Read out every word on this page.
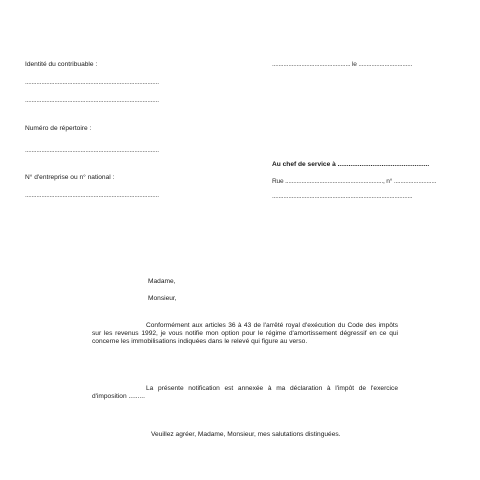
Identité du contribuable :
..................................................................................
..................................................................................
Numéro de répertoire :
..................................................................................
N° d'entreprise ou n° national :
..................................................................................
................................................ le .................................
Au chef de service à ..................................................
Rue ............................................................, n° ..........................
......................................................................................
Madame,
Monsieur,
Conformément aux articles 36 à 43 de l'arrêté royal d'exécution du Code des impôts sur les revenus 1992, je vous notifie mon option pour le régime d'amortissement dégressif en ce qui concerne les immobilisations indiquées dans le relevé qui figure au verso.
La présente notification est annexée à ma déclaration à l'impôt de l'exercice d'imposition .........
Veuillez agréer, Madame, Monsieur, mes salutations distinguées.
